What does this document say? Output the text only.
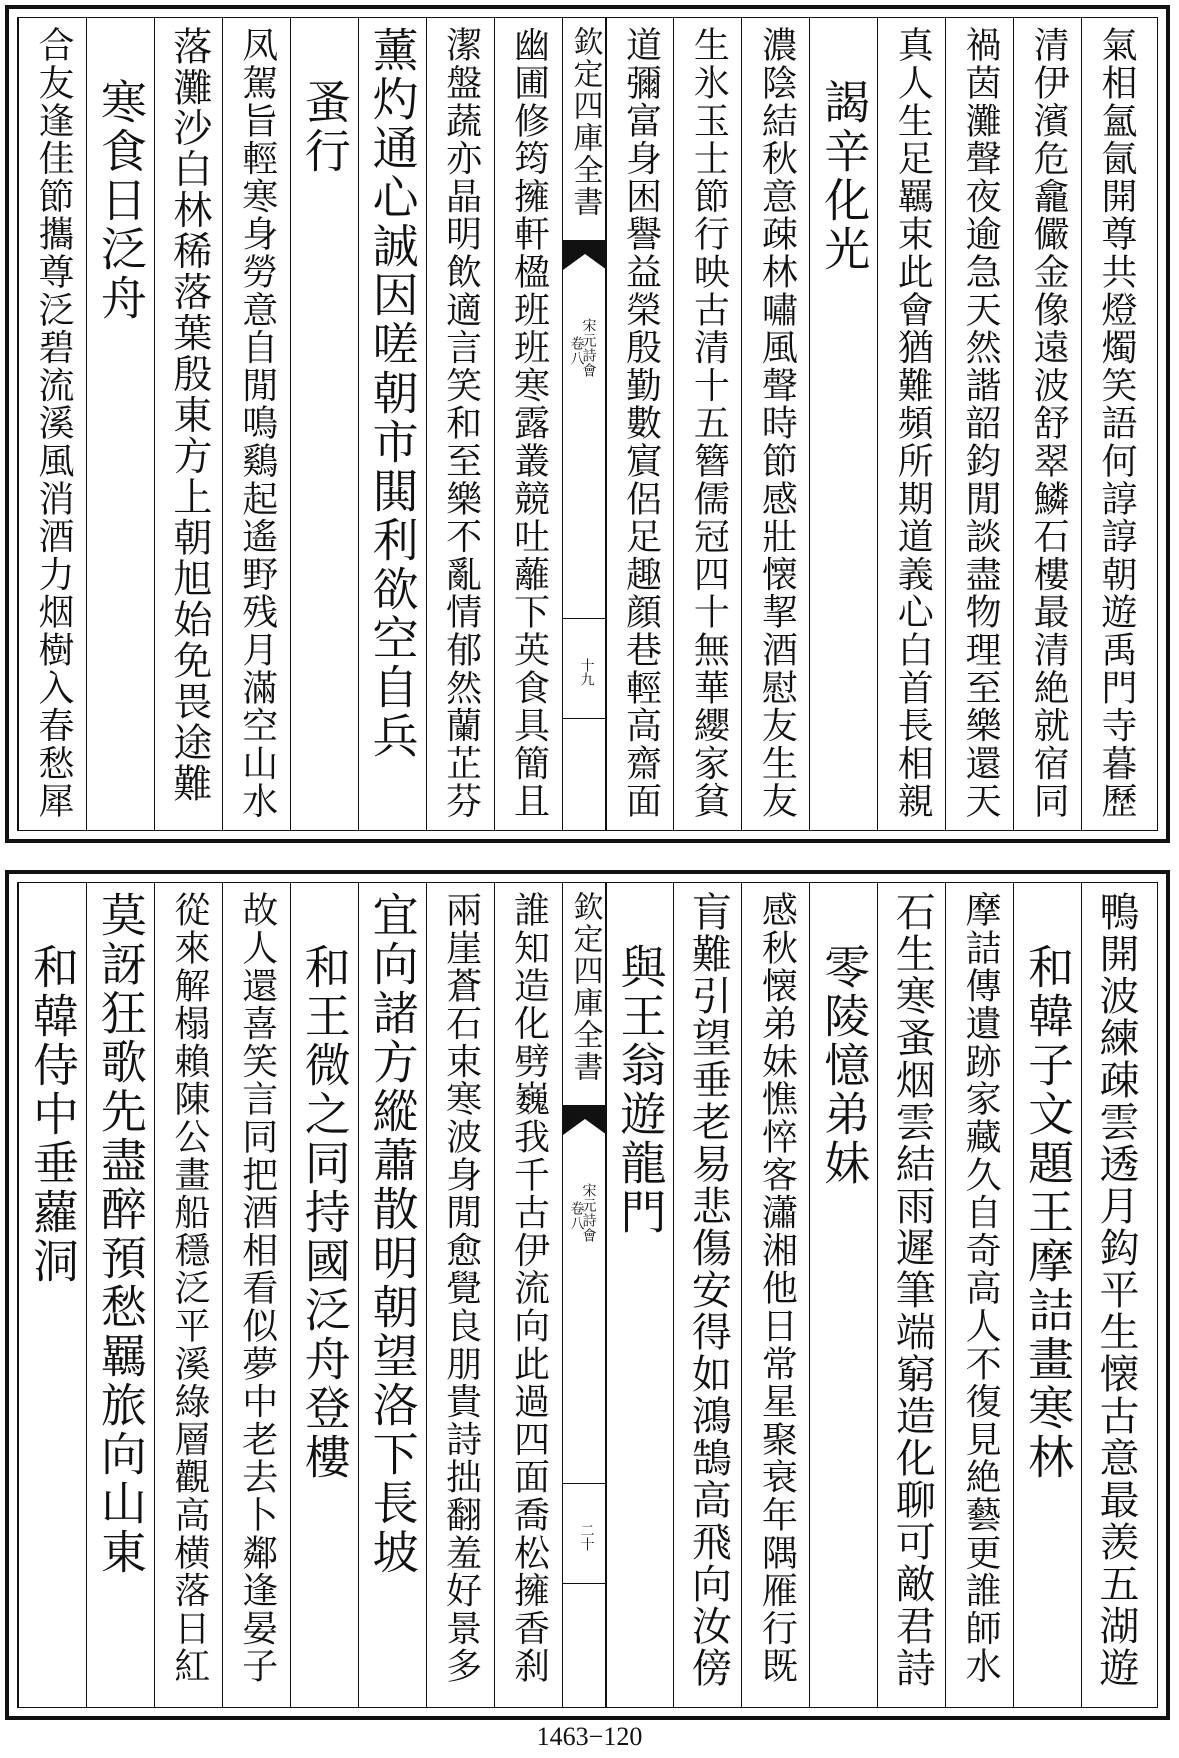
氣相氳氤開尊共燈燭笑語何諄諄朝遊禹門寺暮歷
清伊濱危龕儼金像遠波舒翠鱗石樓最清絶就宿同
禍茵灘聲夜逾急天然諧韶鈞閒談盡物理至樂還天
真人生足羈束此會猶難頻所期道義心白首長相親
謁辛化光
濃陰結秋意疎林嘯風聲時節感壯懐挈酒慰友生友
生氷玉士節行映古清十五簪儒冠四十無華纓家貧
道彌富身困譽益榮殷勤數賔侶足趣顔巷輕高齋面
幽圃修筠擁軒楹班班寒露叢競吐蘺下英食具簡且
潔盤蔬亦晶明飲適言笑和至樂不亂情郁然蘭芷芬
薰灼通心誠因嗟朝市閧利欲空自兵
蚤行
凤駕旨輕寒身勞意自閒鳴鷄起遙野残月滿空山水
落灘沙白林稀落葉殷東方上朝旭始免畏途難
寒食日泛舟
合友逢佳節攜尊泛碧流溪風消酒力烟樹入春愁犀	欽定四庫全書
宋元詩會
卷八
十九
鴨開波練疎雲透月鈎平生懐古意最羡五湖遊
和韓子文題王摩詰畫寒林
摩詰傳遺跡家藏久自奇高人不復見絶藝更誰師水
石生寒蚤烟雲結雨遲筆端窮造化聊可敵君詩
零陵憶弟妹
感秋懐弟妹憔悴客瀟湘他日常星聚衰年隅雁行既
肓難引望垂老易悲傷安得如鴻鵠高飛向汝傍
與王翁遊龍門
誰知造化劈巍我千古伊流向此過四面喬松擁香刹
兩崖蒼石束寒波身閒愈覺良朋貴詩拙翻羞好景多
宜向諸方縱蕭散明朝望洛下長坡
和王微之同持國泛舟登樓
故人還喜笑言同把酒相看似夢中老去卜鄰逢晏子
從來解榻賴陳公畫船穩泛平溪綠層觀高横落日紅
莫訝狂歌先盡醉預愁羈旅向山東
和韓侍中垂蘿洞	欽定四庫全書
宋元詩會
卷八
二十
1463−120
